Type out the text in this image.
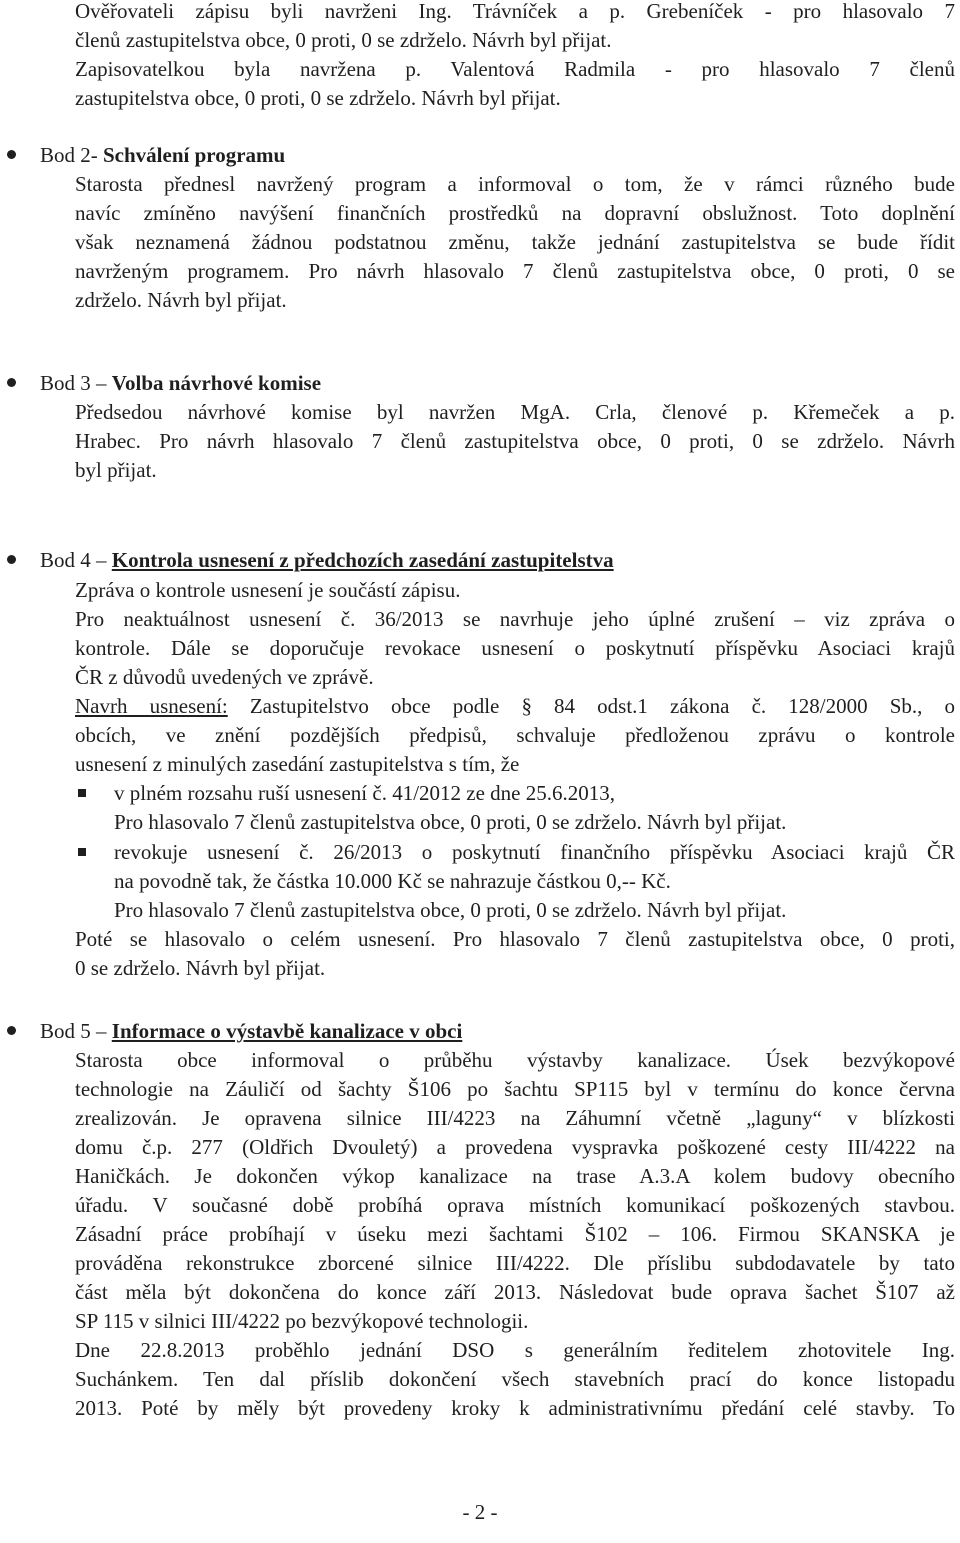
Ověřovateli zápisu byli navrženi Ing. Trávníček a p. Grebeníček - pro hlasovalo 7
členů zastupitelstva obce, 0 proti, 0 se zdrželo. Návrh byl přijat.
Zapisovatelkou byla navržena p. Valentová Radmila - pro hlasovalo 7 členů
zastupitelstva obce, 0 proti, 0 se zdrželo. Návrh byl přijat.
Bod 2- Schválení programu
Starosta přednesl navržený program a informoval o tom, že v rámci různého bude
navíc zmíněno navýšení finančních prostředků na dopravní obslužnost. Toto doplnění
však neznamená žádnou podstatnou změnu, takže jednání zastupitelstva se bude řídit
navrženým programem. Pro návrh hlasovalo 7 členů zastupitelstva obce, 0 proti, 0 se
zdrželo. Návrh byl přijat.
Bod 3 – Volba návrhové komise
Předsedou návrhové komise byl navržen MgA. Crla, členové p. Křemeček a p.
Hrabec. Pro návrh hlasovalo 7 členů zastupitelstva obce, 0 proti, 0 se zdrželo. Návrh
byl přijat.
Bod 4 – Kontrola usnesení z předchozích zasedání zastupitelstva
Zpráva o kontrole usnesení je součástí zápisu.
Pro neaktuálnost usnesení č. 36/2013 se navrhuje jeho úplné zrušení – viz zpráva o
kontrole. Dále se doporučuje revokace usnesení o poskytnutí příspěvku Asociaci krajů
ČR z důvodů uvedených ve zprávě.
Navrh usnesení: Zastupitelstvo obce podle § 84 odst.1 zákona č. 128/2000 Sb., o
obcích, ve znění pozdějších předpisů, schvaluje předloženou zprávu o kontrole
usnesení z minulých zasedání zastupitelstva s tím, že
v plném rozsahu ruší usnesení č. 41/2012 ze dne 25.6.2013,
Pro hlasovalo 7 členů zastupitelstva obce, 0 proti, 0 se zdrželo. Návrh byl přijat.
revokuje usnesení č. 26/2013 o poskytnutí finančního příspěvku Asociaci krajů ČR
na povodně tak, že částka 10.000 Kč se nahrazuje částkou 0,-- Kč.
Pro hlasovalo 7 členů zastupitelstva obce, 0 proti, 0 se zdrželo. Návrh byl přijat.
Poté se hlasovalo o celém usnesení. Pro hlasovalo 7 členů zastupitelstva obce, 0 proti,
0 se zdrželo. Návrh byl přijat.
Bod 5 – Informace o výstavbě kanalizace v obci
Starosta obce informoval o průběhu výstavby kanalizace. Úsek bezvýkopové
technologie na Záuličí od šachty Š106 po šachtu SP115 byl v termínu do konce června
zrealizován. Je opravena silnice III/4223 na Záhumní včetně „laguny“ v blízkosti
domu č.p. 277 (Oldřich Dvouletý) a provedena vyspravka poškozené cesty III/4222 na
Haničkách. Je dokončen výkop kanalizace na trase A.3.A kolem budovy obecního
úřadu. V současné době probíhá oprava místních komunikací poškozených stavbou.
Zásadní práce probíhají v úseku mezi šachtami Š102 – 106. Firmou SKANSKA je
prováděna rekonstrukce zborcené silnice III/4222. Dle příslibu subdodavatele by tato
část měla být dokončena do konce září 2013. Následovat bude oprava šachet Š107 až
SP 115 v silnici III/4222 po bezvýkopové technologii.
Dne 22.8.2013 proběhlo jednání DSO s generálním ředitelem zhotovitele Ing.
Suchánkem. Ten dal příslib dokončení všech stavebních prací do konce listopadu
2013. Poté by měly být provedeny kroky k administrativnímu předání celé stavby. To
- 2 -
